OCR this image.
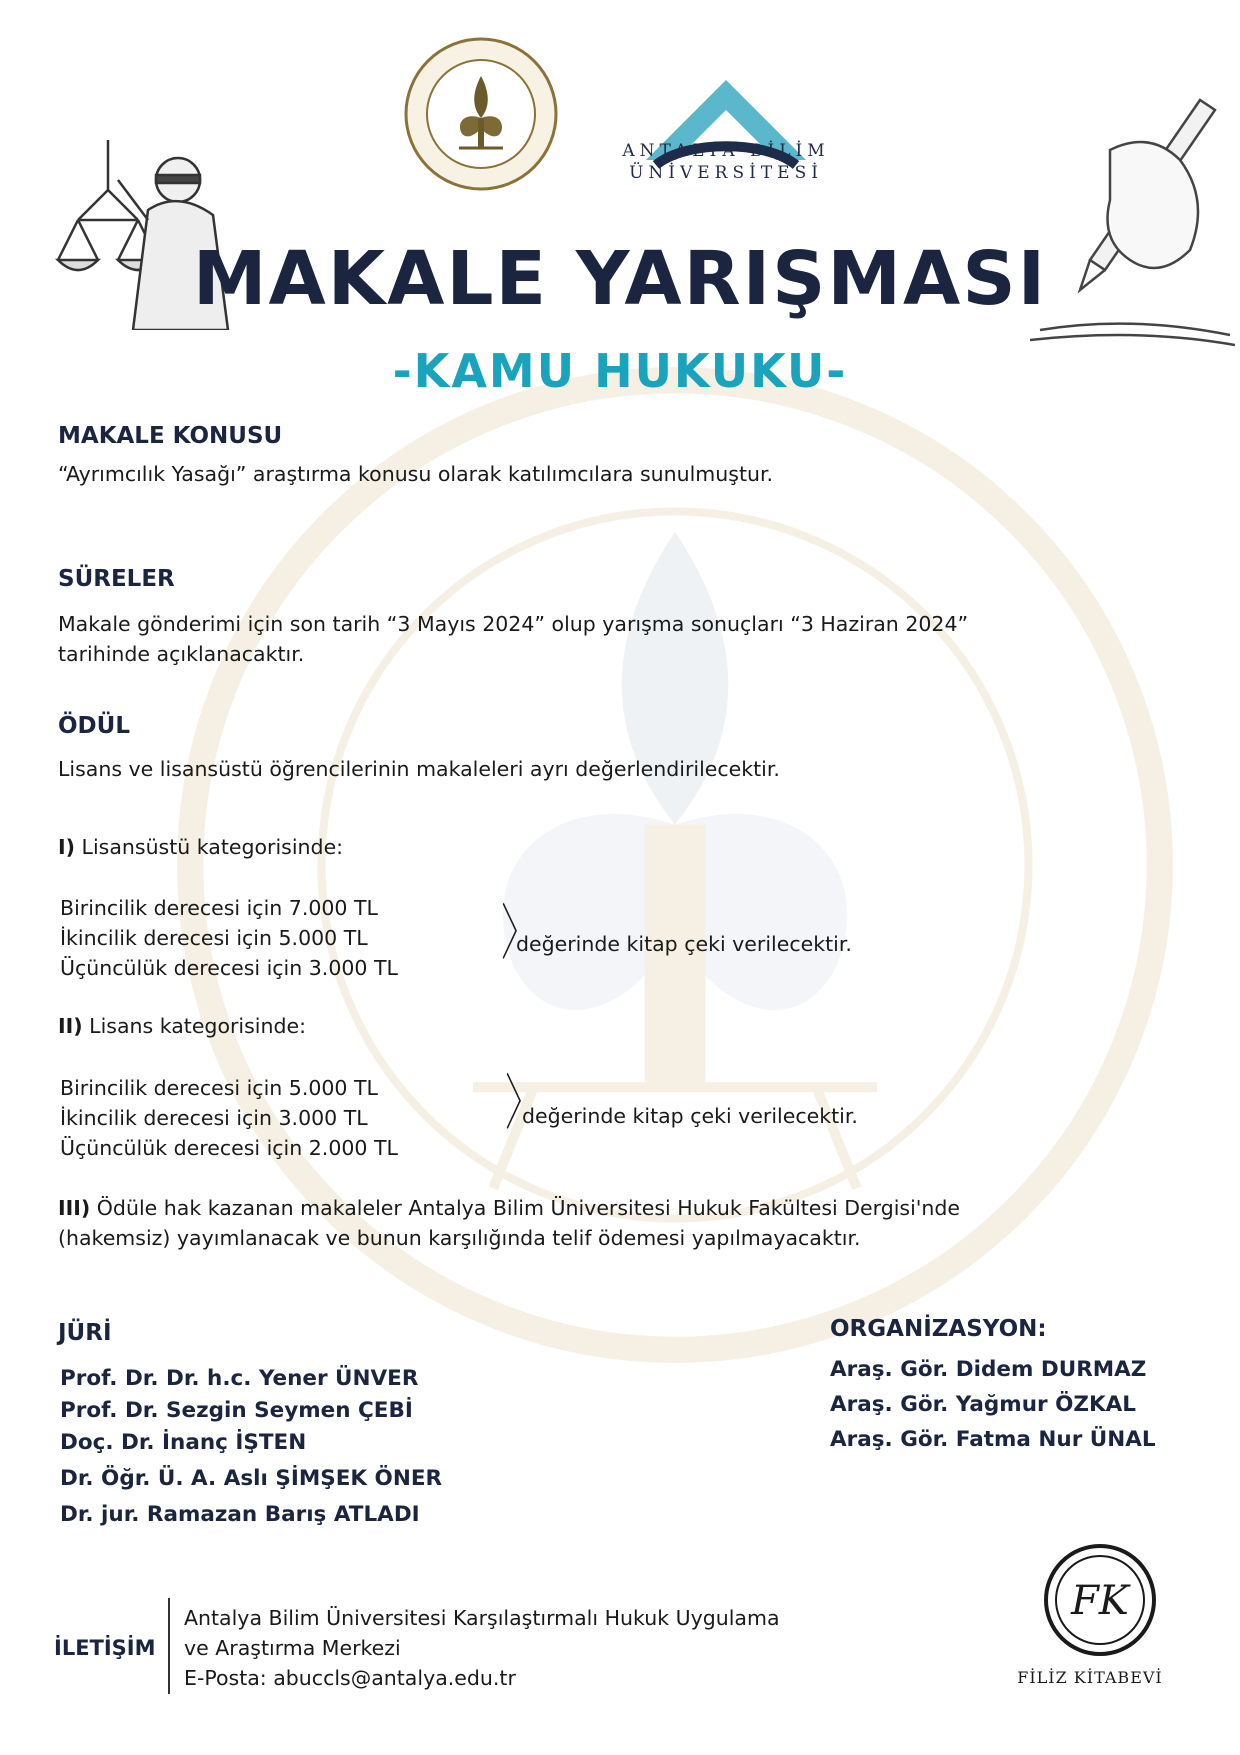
ANTALYA BİLİM
ÜNİVERSİTESİ
MAKALE YARIŞMASI
-KAMU HUKUKU-
MAKALE KONUSU
“Ayrımcılık Yasağı” araştırma konusu olarak katılımcılara sunulmuştur.
SÜRELER
Makale gönderimi için son tarih “3 Mayıs 2024” olup yarışma sonuçları “3 Haziran 2024”
tarihinde açıklanacaktır.
ÖDÜL
Lisans ve lisansüstü öğrencilerinin makaleleri ayrı değerlendirilecektir.
I) Lisansüstü kategorisinde:
Birincilik derecesi için 7.000 TL
İkincilik derecesi için 5.000 TL
Üçüncülük derecesi için 3.000 TL 〉
değerinde kitap çeki verilecektir.
II) Lisans kategorisinde:
Birincilik derecesi için 5.000 TL
İkincilik derecesi için 3.000 TL
Üçüncülük derecesi için 2.000 TL
〉
değerinde kitap çeki verilecektir.
III) Ödüle hak kazanan makaleler Antalya Bilim Üniversitesi Hukuk Fakültesi Dergisi'nde
(hakemsiz) yayımlanacak ve bunun karşılığında telif ödemesi yapılmayacaktır.
JÜRİ
Prof. Dr. Dr. h.c. Yener ÜNVER
Prof. Dr. Sezgin Seymen ÇEBİ
Doç. Dr. İnanç İŞTEN
Dr. Öğr. Ü. A. Aslı ŞİMŞEK ÖNER
Dr. jur. Ramazan Barış ATLADI
ORGANİZASYON:
Araş. Gör. Didem DURMAZ
Araş. Gör. Yağmur ÖZKAL
Araş. Gör. Fatma Nur ÜNAL
İLETİŞİM
Antalya Bilim Üniversitesi Karşılaştırmalı Hukuk Uygulama
ve Araştırma Merkezi
E-Posta: abuccls@antalya.edu.tr
FK
FİLİZ KİTABEVİ
